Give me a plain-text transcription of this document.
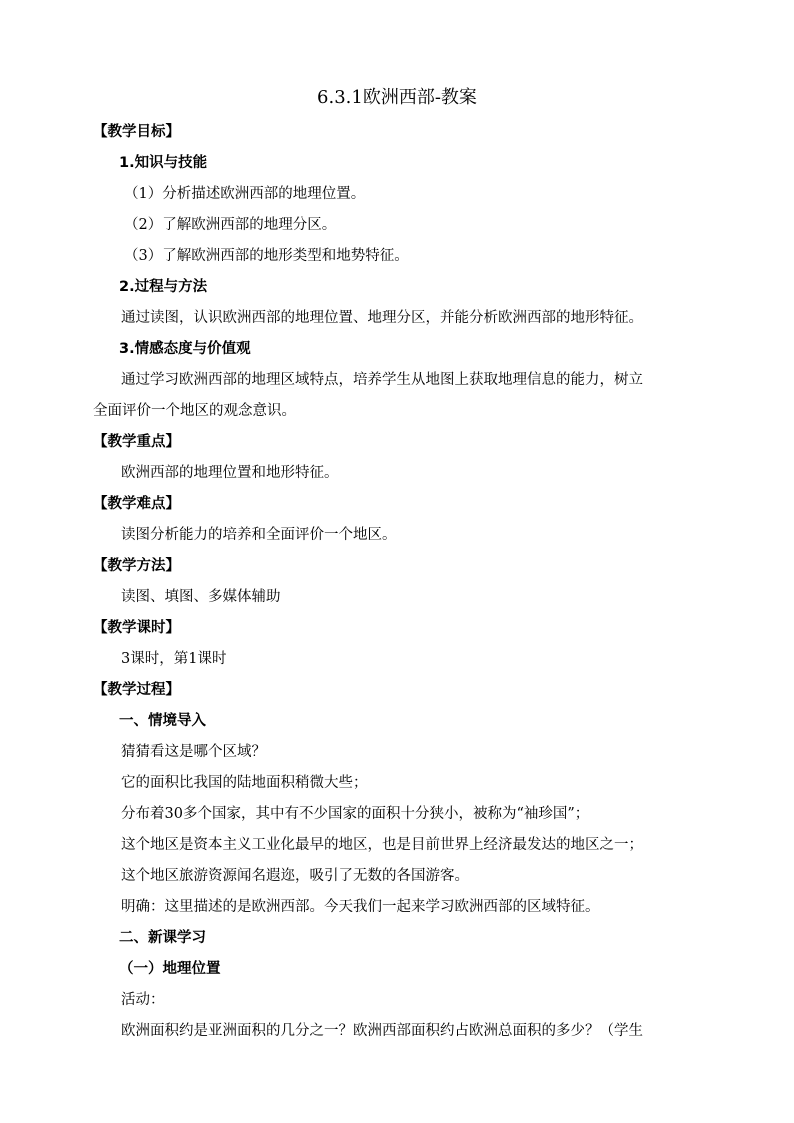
6.3.1欧洲西部-教案
【教学目标】
1.知识与技能
（1）分析描述欧洲西部的地理位置。
（2）了解欧洲西部的地理分区。
（3）了解欧洲西部的地形类型和地势特征。
2.过程与方法
通过读图，认识欧洲西部的地理位置、地理分区，并能分析欧洲西部的地形特征。
3.情感态度与价值观
通过学习欧洲西部的地理区域特点，培养学生从地图上获取地理信息的能力，树立
全面评价一个地区的观念意识。
【教学重点】
欧洲西部的地理位置和地形特征。
【教学难点】
读图分析能力的培养和全面评价一个地区。
【教学方法】
读图、填图、多媒体辅助
【教学课时】
3课时，第1课时
【教学过程】
一、情境导入
猜猜看这是哪个区域？
它的面积比我国的陆地面积稍微大些；
分布着30多个国家，其中有不少国家的面积十分狭小，被称为“袖珍国”；
这个地区是资本主义工业化最早的地区，也是目前世界上经济最发达的地区之一；
这个地区旅游资源闻名遐迩，吸引了无数的各国游客。
明确：这里描述的是欧洲西部。今天我们一起来学习欧洲西部的区域特征。
二、新课学习
（一）地理位置
活动：
欧洲面积约是亚洲面积的几分之一？欧洲西部面积约占欧洲总面积的多少？（学生
